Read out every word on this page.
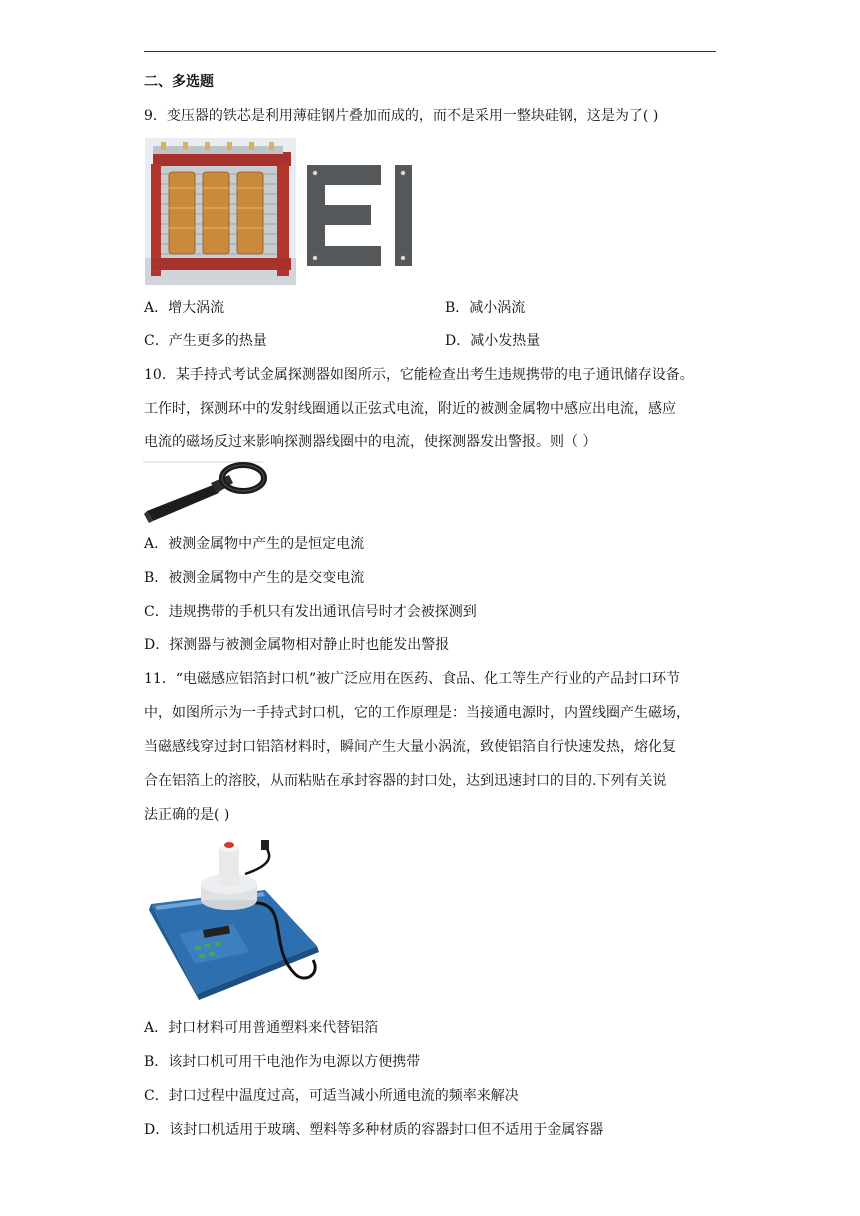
二、多选题
9．变压器的铁芯是利用薄硅钢片叠加而成的，而不是采用一整块硅钢，这是为了( )
A．增大涡流	B．减小涡流
C．产生更多的热量	D．减小发热量
10．某手持式考试金属探测器如图所示，它能检查出考生违规携带的电子通讯储存设备。
工作时，探测环中的发射线圈通以正弦式电流，附近的被测金属物中感应出电流，感应
电流的磁场反过来影响探测器线圈中的电流，使探测器发出警报。则（ ）
A．被测金属物中产生的是恒定电流
B．被测金属物中产生的是交变电流
C．违规携带的手机只有发出通讯信号时才会被探测到
D．探测器与被测金属物相对静止时也能发出警报
11．“电磁感应铝箔封口机”被广泛应用在医药、食品、化工等生产行业的产品封口环节
中，如图所示为一手持式封口机，它的工作原理是：当接通电源时，内置线圈产生磁场，
当磁感线穿过封口铝箔材料时，瞬间产生大量小涡流，致使铝箔自行快速发热，熔化复
合在铝箔上的溶胶，从而粘贴在承封容器的封口处，达到迅速封口的目的.下列有关说
法正确的是( )
A．封口材料可用普通塑料来代替铝箔
B．该封口机可用干电池作为电源以方便携带
C．封口过程中温度过高，可适当减小所通电流的频率来解决
D．该封口机适用于玻璃、塑料等多种材质的容器封口但不适用于金属容器
